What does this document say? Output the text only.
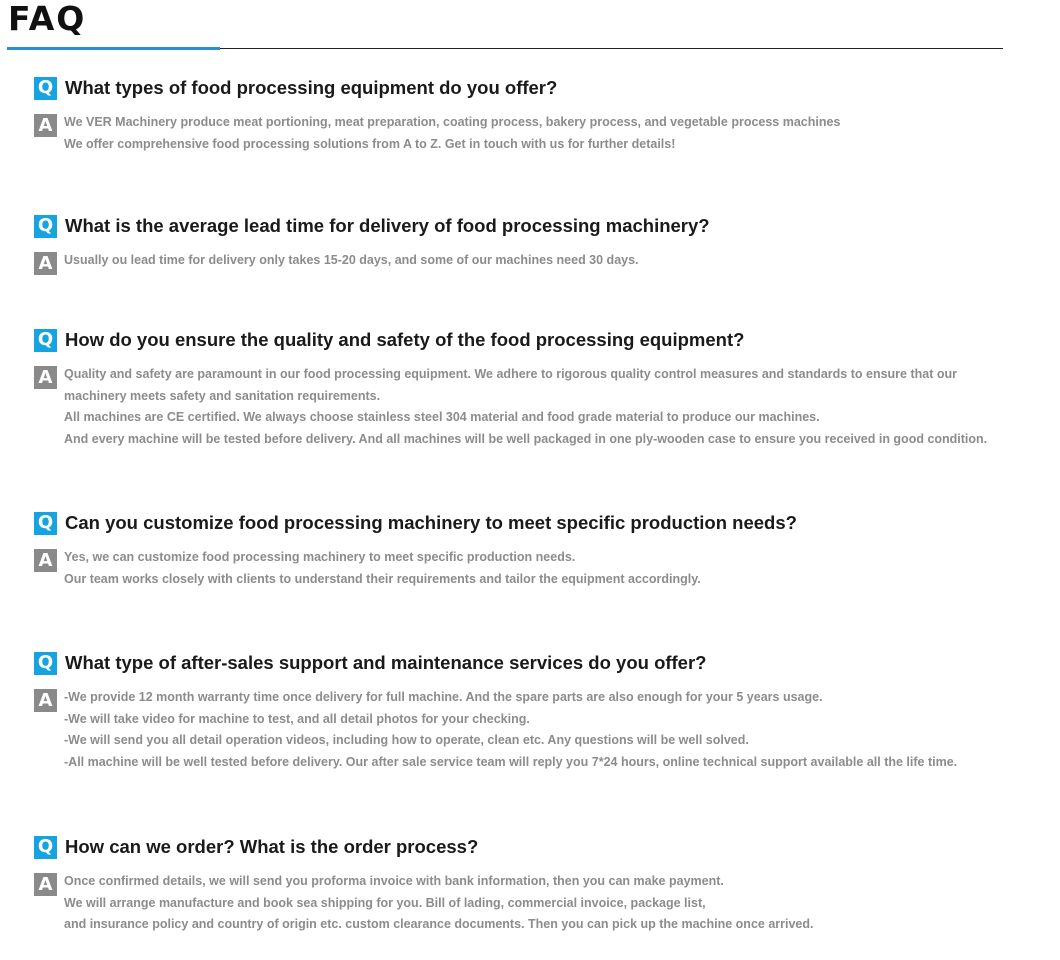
FAQ
Q What types of food processing equipment do you offer?
A We VER Machinery produce meat portioning, meat preparation, coating process, bakery process, and vegetable process machines
We offer comprehensive food processing solutions from A to Z. Get in touch with us for further details!
Q What is the average lead time for delivery of food processing machinery?
A Usually ou lead time for delivery only takes 15-20 days, and some of our machines need 30 days.
Q How do you ensure the quality and safety of the food processing equipment?
A Quality and safety are paramount in our food processing equipment. We adhere to rigorous quality control measures and standards to ensure that our
machinery meets safety and sanitation requirements.
All machines are CE certified. We always choose stainless steel 304 material and food grade material to produce our machines.
And every machine will be tested before delivery. And all machines will be well packaged in one ply-wooden case to ensure you received in good condition.
Q Can you customize food processing machinery to meet specific production needs?
A Yes, we can customize food processing machinery to meet specific production needs.
Our team works closely with clients to understand their requirements and tailor the equipment accordingly.
Q What type of after-sales support and maintenance services do you offer?
A -We provide 12 month warranty time once delivery for full machine. And the spare parts are also enough for your 5 years usage.
-We will take video for machine to test, and all detail photos for your checking.
-We will send you all detail operation videos, including how to operate, clean etc. Any questions will be well solved.
-All machine will be well tested before delivery. Our after sale service team will reply you 7*24 hours, online technical support available all the life time.
Q How can we order? What is the order process?
A Once confirmed details, we will send you proforma invoice with bank information, then you can make payment.
We will arrange manufacture and book sea shipping for you. Bill of lading, commercial invoice, package list,
and insurance policy and country of origin etc. custom clearance documents. Then you can pick up the machine once arrived.
